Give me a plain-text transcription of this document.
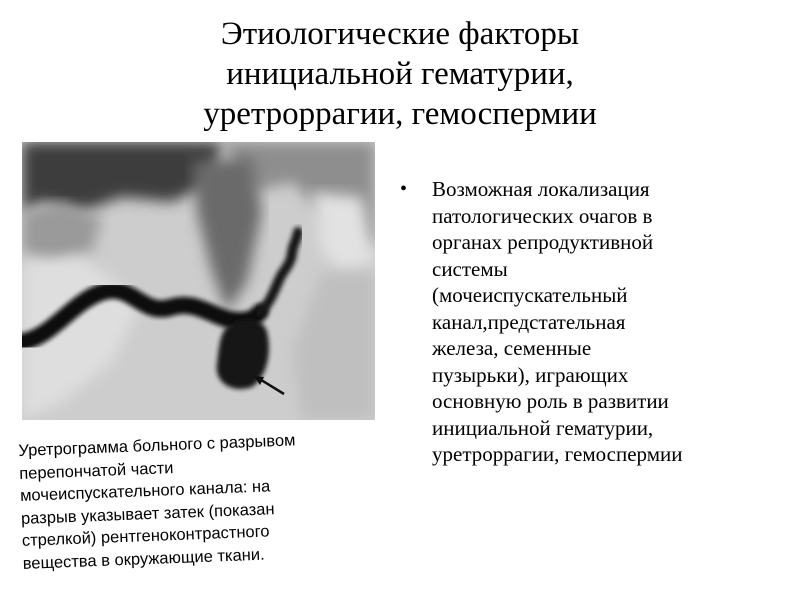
Этиологические факторы
инициальной гематурии,
уретроррагии, гемоспермии
• Возможная локализация
патологических очагов в
органах репродуктивной
системы
(мочеиспускательный
канал,предстательная
железа, семенные
пузырьки), играющих
основную роль в развитии
инициальной гематурии,
уретроррагии, гемоспермии
Уретрограмма больного с разрывом
перепончатой части
мочеиспускательного канала: на
разрыв указывает затек (показан
стрелкой) рентгеноконтрастного
вещества в окружающие ткани.
